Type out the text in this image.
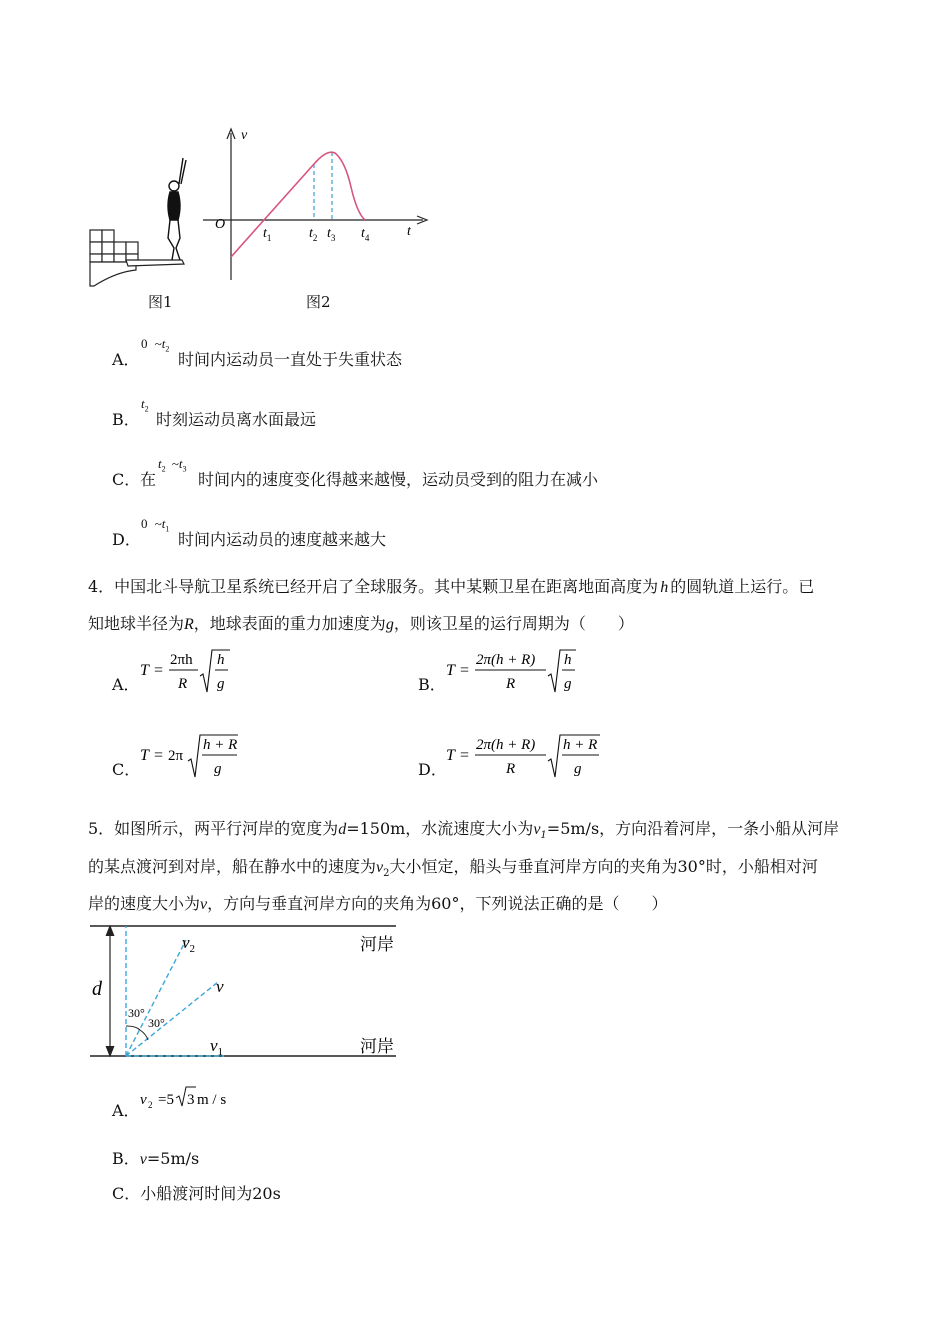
图1
v
t
O
$t_1$	$t_2$ $t_3$ $t_4$
图2
A．
0 $\sim t_2$
时间内运动员一直处于失重状态
B．
$t_2$
时刻运动员离水面最远
C． 在
$t_2$ $\sim t_3$
时间内的速度变化得越来越慢，运动员受到的阻力在减小
D．
0 $\sim t_1$
时间内运动员的速度越来越大
4．中国北斗导航卫星系统已经开启了全球服务。其中某颗卫星在距离地面高度为 h 的圆轨道上运行。已
知地球半径为R，地球表面的重力加速度为g，则该卫星的运行周期为（　　）
A．
T =
2πh
R
h
g	B．
T =
2π(h + R)
R
h
g
C．
T = 2π
h + R
g	D．
T =
2π(h + R)
R
h + R
g
5．如图所示，两平行河岸的宽度为d=150m，水流速度大小为$v_1=5m/s$，方向沿着河岸，一条小船从河岸
的某点渡河到对岸，船在静水中的速度为$v_2$大小恒定，船头与垂直河岸方向的夹角为30°时，小船相对河
岸的速度大小为v，方向与垂直河岸方向的夹角为60°，下列说法正确的是（　　）
d
30°
30°
$v_2$
v
$v_1$
河岸
河岸
A．
v 2 =5 3 m / s
B．v=5m/s
C．小船渡河时间为20s
